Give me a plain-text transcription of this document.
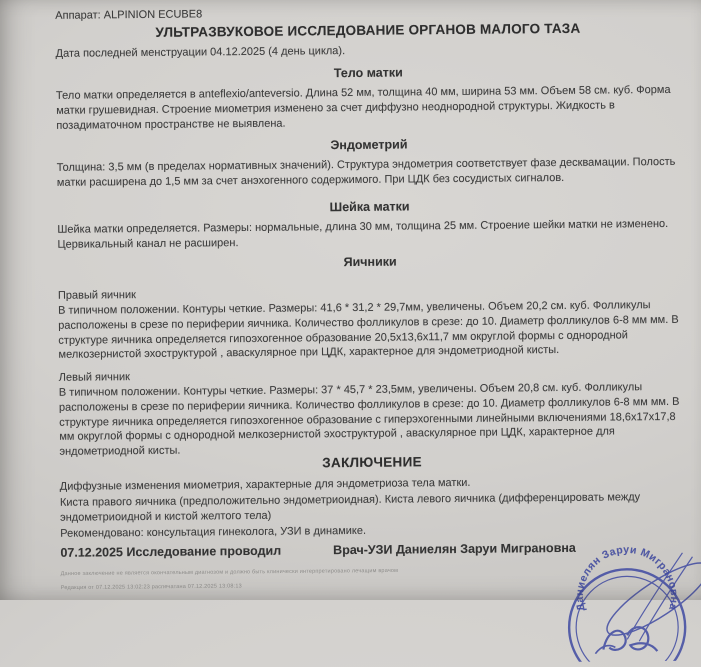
Аппарат: ALPINION ECUBE8
УЛЬТРАЗВУКОВОЕ ИССЛЕДОВАНИЕ ОРГАНОВ МАЛОГО ТАЗА
Дата последней менструации 04.12.2025 (4 день цикла).
Тело матки
Тело матки определяется в anteflexio/anteversio. Длина 52 мм, толщина 40 мм, ширина 53 мм. Объем 58 см. куб. Форма матки грушевидная. Строение миометрия изменено за счет диффузно неоднородной структуры. Жидкость в позадиматочном пространстве не выявлена.
Эндометрий
Толщина: 3,5 мм (в пределах нормативных значений). Структура эндометрия соответствует фазе десквамации. Полость матки расширена до 1,5 мм за счет анэхогенного содержимого. При ЦДК без сосудистых сигналов.
Шейка матки
Шейка матки определяется. Размеры: нормальные, длина 30 мм, толщина 25 мм. Строение шейки матки не изменено. Цервикальный канал не расширен.
Яичники
Правый яичник
В типичном положении. Контуры четкие. Размеры: 41,6 * 31,2 * 29,7мм, увеличены. Объем 20,2 см. куб. Фолликулы расположены в срезе по периферии яичника. Количество фолликулов в срезе: до 10. Диаметр фолликулов 6-8 мм мм. В структуре яичника определяется гипоэхогенное образование 20,5x13,6x11,7 мм округлой формы с однородной мелкозернистой эхоструктурой , аваскулярное при ЦДК, характерное для эндометриодной кисты.
Левый яичник
В типичном положении. Контуры четкие. Размеры: 37 * 45,7 * 23,5мм, увеличены. Объем 20,8 см. куб. Фолликулы расположены в срезе по периферии яичника. Количество фолликулов в срезе: до 10. Диаметр фолликулов 6-8 мм мм. В структуре яичника определяется гипоэхогенное образование с гиперэхогенными линейными включениями 18,6x17x17,8 мм округлой формы с однородной мелкозернистой эхоструктурой , аваскулярное при ЦДК, характерное для эндометриодной кисты.
ЗАКЛЮЧЕНИЕ
Диффузные изменения миометрия, характерные для эндометриоза тела матки.
Киста правого яичника (предположительно эндометриоидная). Киста левого яичника (дифференцировать между эндометриоидной и кистой желтого тела)
Рекомендовано: консультация гинеколога, УЗИ в динамике.
07.12.2025 Исследование проводил	Врач-УЗИ Даниелян Заруи Миграновна
Данное заключение не является окончательным диагнозом и должно быть клинически интерпретировано лечащим врачом
Редакция от 07.12.2025 13:02:23 распечатана 07.12.2025 13:08:13
Даниелян Заруи Миграновна
